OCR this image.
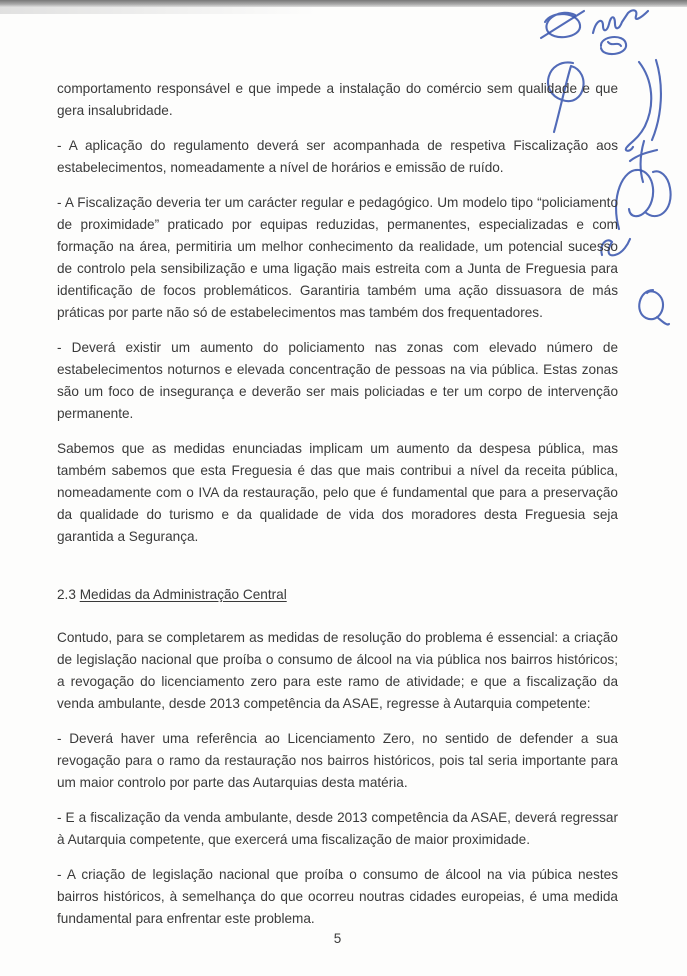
comportamento responsável e que impede a instalação do comércio sem qualidade e que gera insalubridade.

- A aplicação do regulamento deverá ser acompanhada de respetiva Fiscalização aos estabelecimentos, nomeadamente a nível de horários e emissão de ruído.

- A Fiscalização deveria ter um carácter regular e pedagógico. Um modelo tipo “policiamento de proximidade” praticado por equipas reduzidas, permanentes, especializadas e com formação na área, permitiria um melhor conhecimento da realidade, um potencial sucesso de controlo pela sensibilização e uma ligação mais estreita com a Junta de Freguesia para identificação de focos problemáticos. Garantiria também uma ação dissuasora de más práticas por parte não só de estabelecimentos mas também dos frequentadores.

- Deverá existir um aumento do policiamento nas zonas com elevado número de estabelecimentos noturnos e elevada concentração de pessoas na via pública. Estas zonas são um foco de insegurança e deverão ser mais policiadas e ter um corpo de intervenção permanente.

Sabemos que as medidas enunciadas implicam um aumento da despesa pública, mas também sabemos que esta Freguesia é das que mais contribui a nível da receita pública, nomeadamente com o IVA da restauração, pelo que é fundamental que para a preservação da qualidade do turismo e da qualidade de vida dos moradores desta Freguesia seja garantida a Segurança.

2.3 Medidas da Administração Central

Contudo, para se completarem as medidas de resolução do problema é essencial: a criação de legislação nacional que proíba o consumo de álcool na via pública nos bairros históricos; a revogação do licenciamento zero para este ramo de atividade; e que a fiscalização da venda ambulante, desde 2013 competência da ASAE, regresse à Autarquia competente:

- Deverá haver uma referência ao Licenciamento Zero, no sentido de defender a sua revogação para o ramo da restauração nos bairros históricos, pois tal seria importante para um maior controlo por parte das Autarquias desta matéria.

- E a fiscalização da venda ambulante, desde 2013 competência da ASAE, deverá regressar à Autarquia competente, que exercerá uma fiscalização de maior proximidade.

- A criação de legislação nacional que proíba o consumo de álcool na via púbica nestes bairros históricos, à semelhança do que ocorreu noutras cidades europeias, é uma medida fundamental para enfrentar este problema.

5
